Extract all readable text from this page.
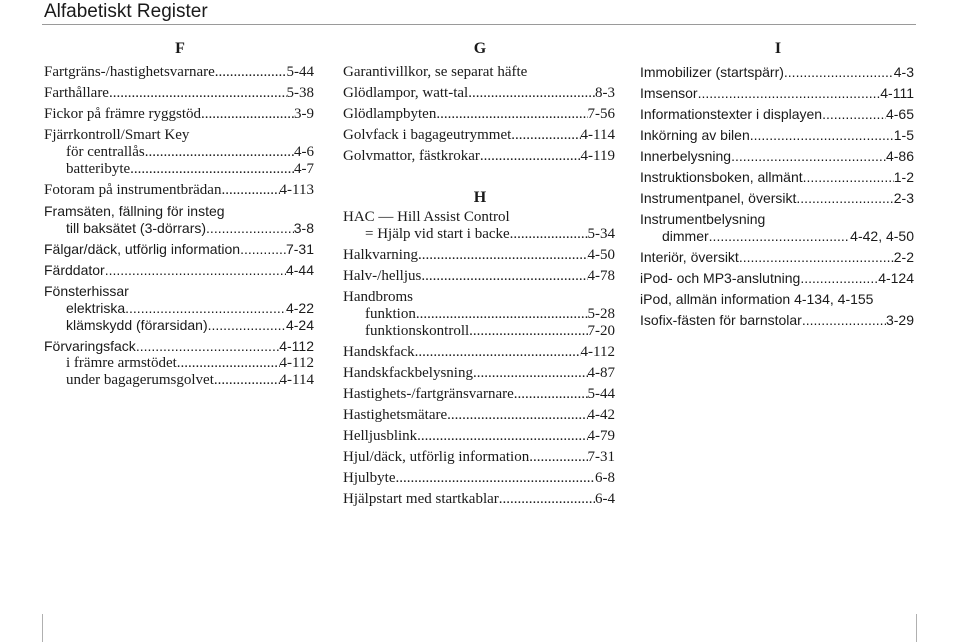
Alfabetiskt Register
F
Fartgräns-/hastighetsvarnare .....	5-44
Farthållare .....	5-38
Fickor på främre ryggstöd .....	3-9
Fjärrkontroll/Smart Key
för centrallås .....	4-6
batteribyte .....	4-7
Fotoram på instrumentbrädan .....	4-113
Framsäten, fällning för insteg
till baksätet (3-dörrars) .....	3-8
Fälgar/däck, utförlig information. .....	7-31
Färddator .....	4-44
Fönsterhissar
elektriska .....	4-22
klämskydd (förarsidan) .....	4-24
Förvaringsfack .....	4-112
i främre armstödet .....	4-112
under bagagerumsgolvet .....	4-114
G
Garantivillkor, se separat häfte
Glödlampor, watt-tal .....	8-3
Glödlampbyten .....	7-56
Golvfack i bagageutrymmet .....	4-114
Golvmattor, fästkrokar .....	4-119
H
HAC — Hill Assist Control
= Hjälp vid start i backe .....	5-34
Halkvarning .....	4-50
Halv-/helljus .....	4-78
Handbroms
funktion .....	5-28
funktionskontroll .....	7-20
Handskfack .....	4-112
Handskfackbelysning .....	4-87
Hastighets-/fartgränsvarnare .....	5-44
Hastighetsmätare .....	4-42
Helljusblink .....	4-79
Hjul/däck, utförlig information .....	7-31
Hjulbyte .....	6-8
Hjälpstart med startkablar .....	6-4
I
Immobilizer (startspärr) .....	4-3
Imsensor .....	4-111
Informationstexter i displayen .....	4-65
Inkörning av bilen .....	1-5
Innerbelysning .....	4-86
Instruktionsboken, allmänt .....	1-2
Instrumentpanel, översikt .....	2-3
Instrumentbelysning
dimmer .....	4-42, 4-50
Interiör, översikt .....	2-2
iPod- och MP3-anslutning .....	4-124
iPod, allmän information 4-134, 4-155
Isofix-fästen för barnstolar .....	3-29
